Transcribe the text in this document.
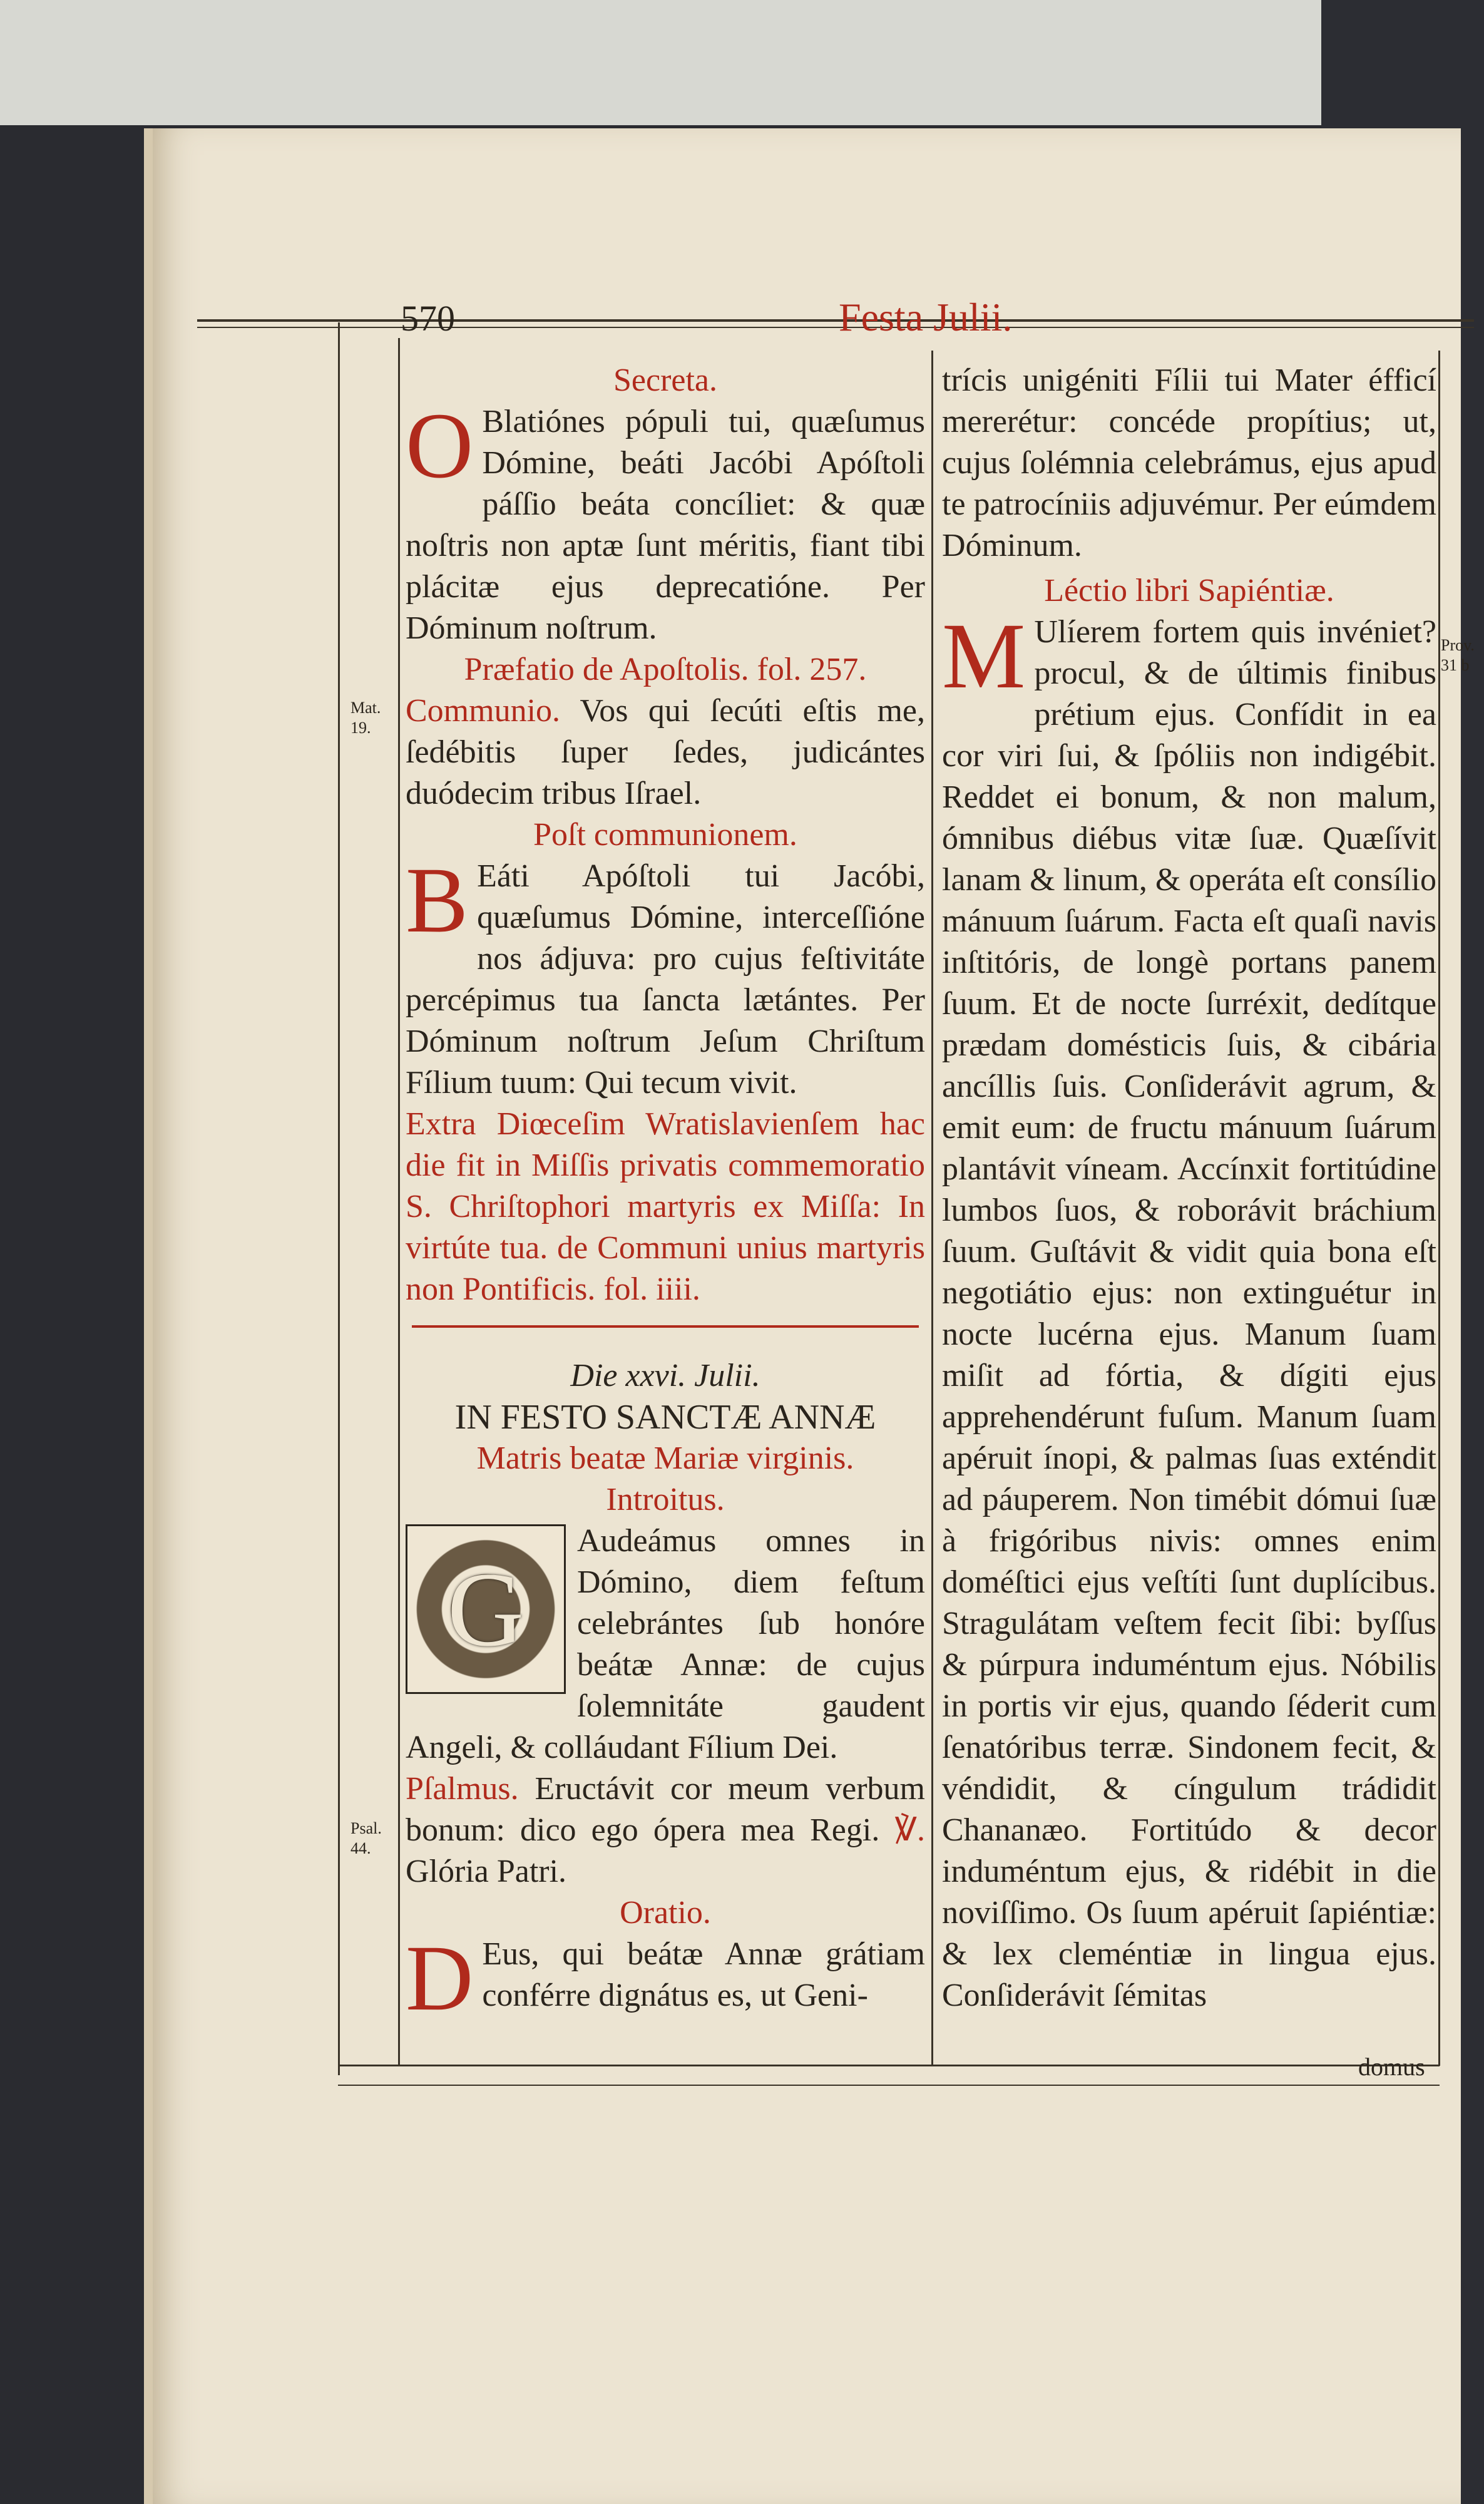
570	Festa Julii.
Mat. 19.
Psal. 44.
Prov. 31 b
Secreta.

O Blatiónes pópuli tui, quæſumus Dómine, beáti Jacóbi Apóſtoli páſſio beáta concíliet: & quæ noſtris non aptæ ſunt méritis, fiant tibi plácitæ ejus deprecatióne. Per Dóminum noſtrum.

Præfatio de Apoſtolis. fol. 257.

Communio. Vos qui ſecúti eſtis me, ſedébitis ſuper ſedes, judicántes duódecim tribus Iſrael.

Poſt communionem.

B Eáti Apóſtoli tui Jacóbi, quæſumus Dómine, interceſſióne nos ádjuva: pro cujus feſtivitáte percépimus tua ſancta lætántes. Per Dóminum noſtrum Jeſum Chriſtum Fílium tuum: Qui tecum vivit.

Extra Diœceſim Wratislavienſem hac die fit in Miſſis privatis commemoratio S. Chriſtophori martyris ex Miſſa: In virtúte tua. de Communi unius martyris non Pontificis. fol. iiii.

Die xxvi. Julii.
IN FESTO SANCTÆ ANNÆ
Matris beatæ Mariæ virginis.
Introitus.

G
Audeámus omnes in Dómino, diem feſtum celebrántes ſub honóre beátæ Annæ: de cujus ſolemnitáte gaudent Angeli, & colláudant Fílium Dei.

Pſalmus. Eructávit cor meum verbum bonum: dico ego ópera mea Regi. ℣. Glória Patri.

Oratio.

D Eus, qui beátæ Annæ grátiam conférre dignátus es, ut Geni-

trícis unigéniti Fílii tui Mater éfficí mererétur: concéde propítius; ut, cujus ſolémnia celebrámus, ejus apud te patrocíniis adjuvémur. Per eúmdem Dóminum.

Léctio libri Sapiéntiæ.

M Ulíerem fortem quis invéniet? procul, & de últimis finibus prétium ejus. Confídit in ea cor viri ſui, & ſpóliis non indigébit. Reddet ei bonum, & non malum, ómnibus diébus vitæ ſuæ. Quæſívit lanam & linum, & operáta eſt consílio mánuum ſuárum. Facta eſt quaſi navis inſtitóris, de longè portans panem ſuum. Et de nocte ſurréxit, dedítque prædam domésticis ſuis, & cibária ancíllis ſuis. Conſiderávit agrum, & emit eum: de fructu mánuum ſuárum plantávit víneam. Accínxit fortitúdine lumbos ſuos, & roborávit bráchium ſuum. Guſtávit & vidit quia bona eſt negotiátio ejus: non extinguétur in nocte lucérna ejus. Manum ſuam miſit ad fórtia, & dígiti ejus apprehendérunt fuſum. Manum ſuam apéruit ínopi, & palmas ſuas exténdit ad páuperem. Non timébit dómui ſuæ à frigóribus nivis: omnes enim doméſtici ejus veſtíti ſunt duplícibus. Stragulátam veſtem fecit ſibi: byſſus & púrpura induméntum ejus. Nóbilis in portis vir ejus, quando ſéderit cum ſenatóribus terræ. Sindonem fecit, & véndidit, & cíngulum trádidit Chananæo. Fortitúdo & decor induméntum ejus, & ridébit in die noviſſimo. Os ſuum apéruit ſapiéntiæ: & lex cleméntiæ in lingua ejus. Conſiderávit ſémitas

domus
